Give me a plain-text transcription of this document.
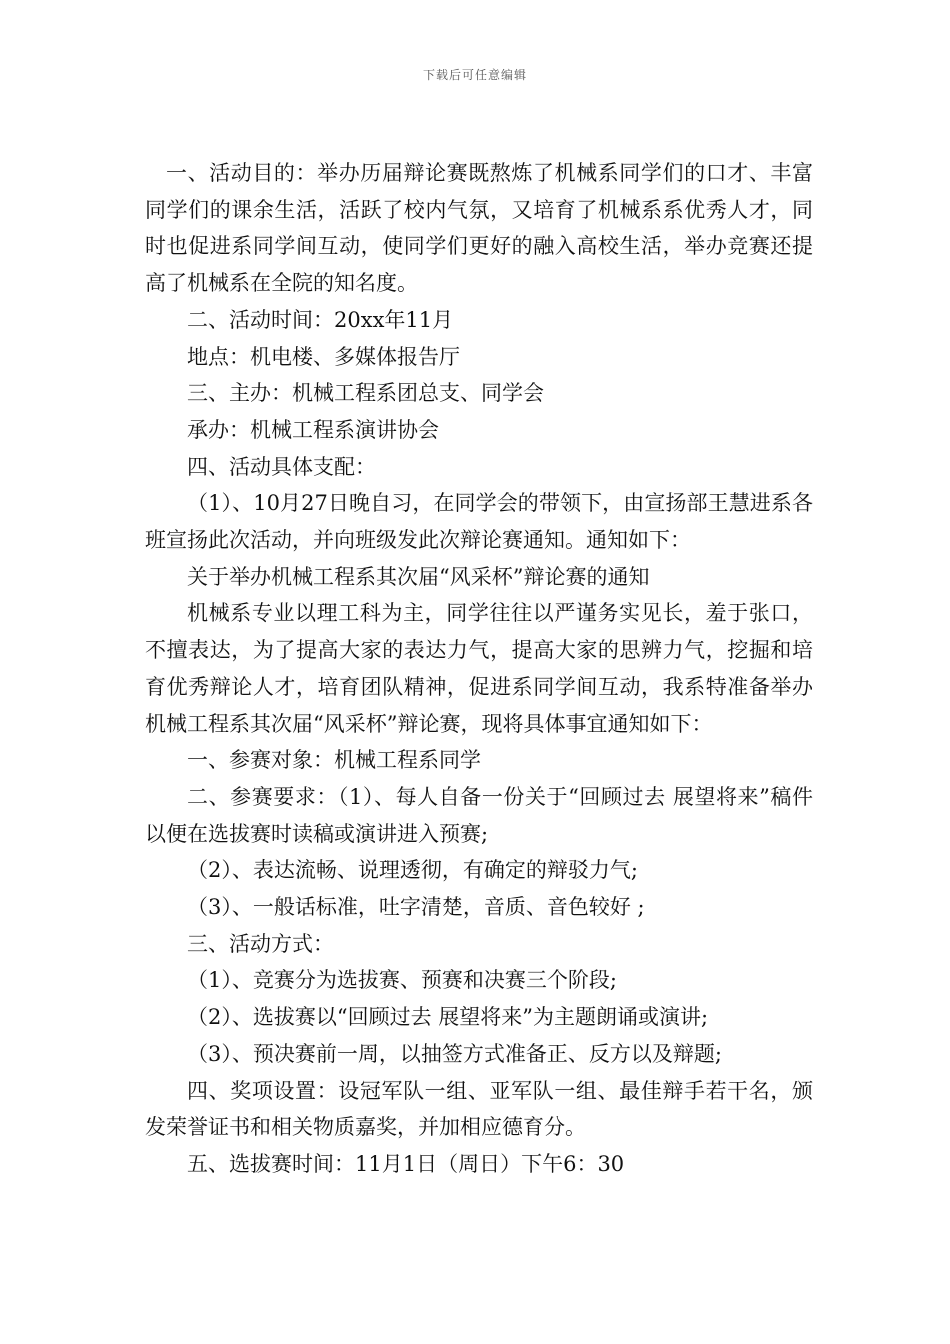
下载后可任意编辑

一、活动目的：举办历届辩论赛既熬炼了机械系同学们的口才、丰富同学们的课余生活，活跃了校内气氛，又培育了机械系系优秀人才，同时也促进系同学间互动，使同学们更好的融入高校生活，举办竞赛还提高了机械系在全院的知名度。

二、活动时间：20xx年11月

地点：机电楼、多媒体报告厅

三、主办：机械工程系团总支、同学会

承办：机械工程系演讲协会

四、活动具体支配：

（1）、10月27日晚自习，在同学会的带领下，由宣扬部王慧进系各班宣扬此次活动，并向班级发此次辩论赛通知。通知如下：

关于举办机械工程系其次届“风采杯”辩论赛的通知

机械系专业以理工科为主，同学往往以严谨务实见长，羞于张口，不擅表达，为了提高大家的表达力气，提高大家的思辨力气，挖掘和培育优秀辩论人才，培育团队精神，促进系同学间互动，我系特准备举办机械工程系其次届“风采杯”辩论赛，现将具体事宜通知如下：

一、参赛对象：机械工程系同学

二、参赛要求：（1）、每人自备一份关于“回顾过去 展望将来”稿件以便在选拔赛时读稿或演讲进入预赛;

（2）、表达流畅、说理透彻，有确定的辩驳力气;

（3）、一般话标准，吐字清楚，音质、音色较好 ;

三、活动方式：

（1）、竞赛分为选拔赛、预赛和决赛三个阶段;

（2）、选拔赛以“回顾过去 展望将来”为主题朗诵或演讲;

（3）、预决赛前一周，以抽签方式准备正、反方以及辩题;

四、奖项设置：设冠军队一组、亚军队一组、最佳辩手若干名，颁发荣誉证书和相关物质嘉奖，并加相应德育分。

五、选拔赛时间：11月1日（周日）下午6：30
